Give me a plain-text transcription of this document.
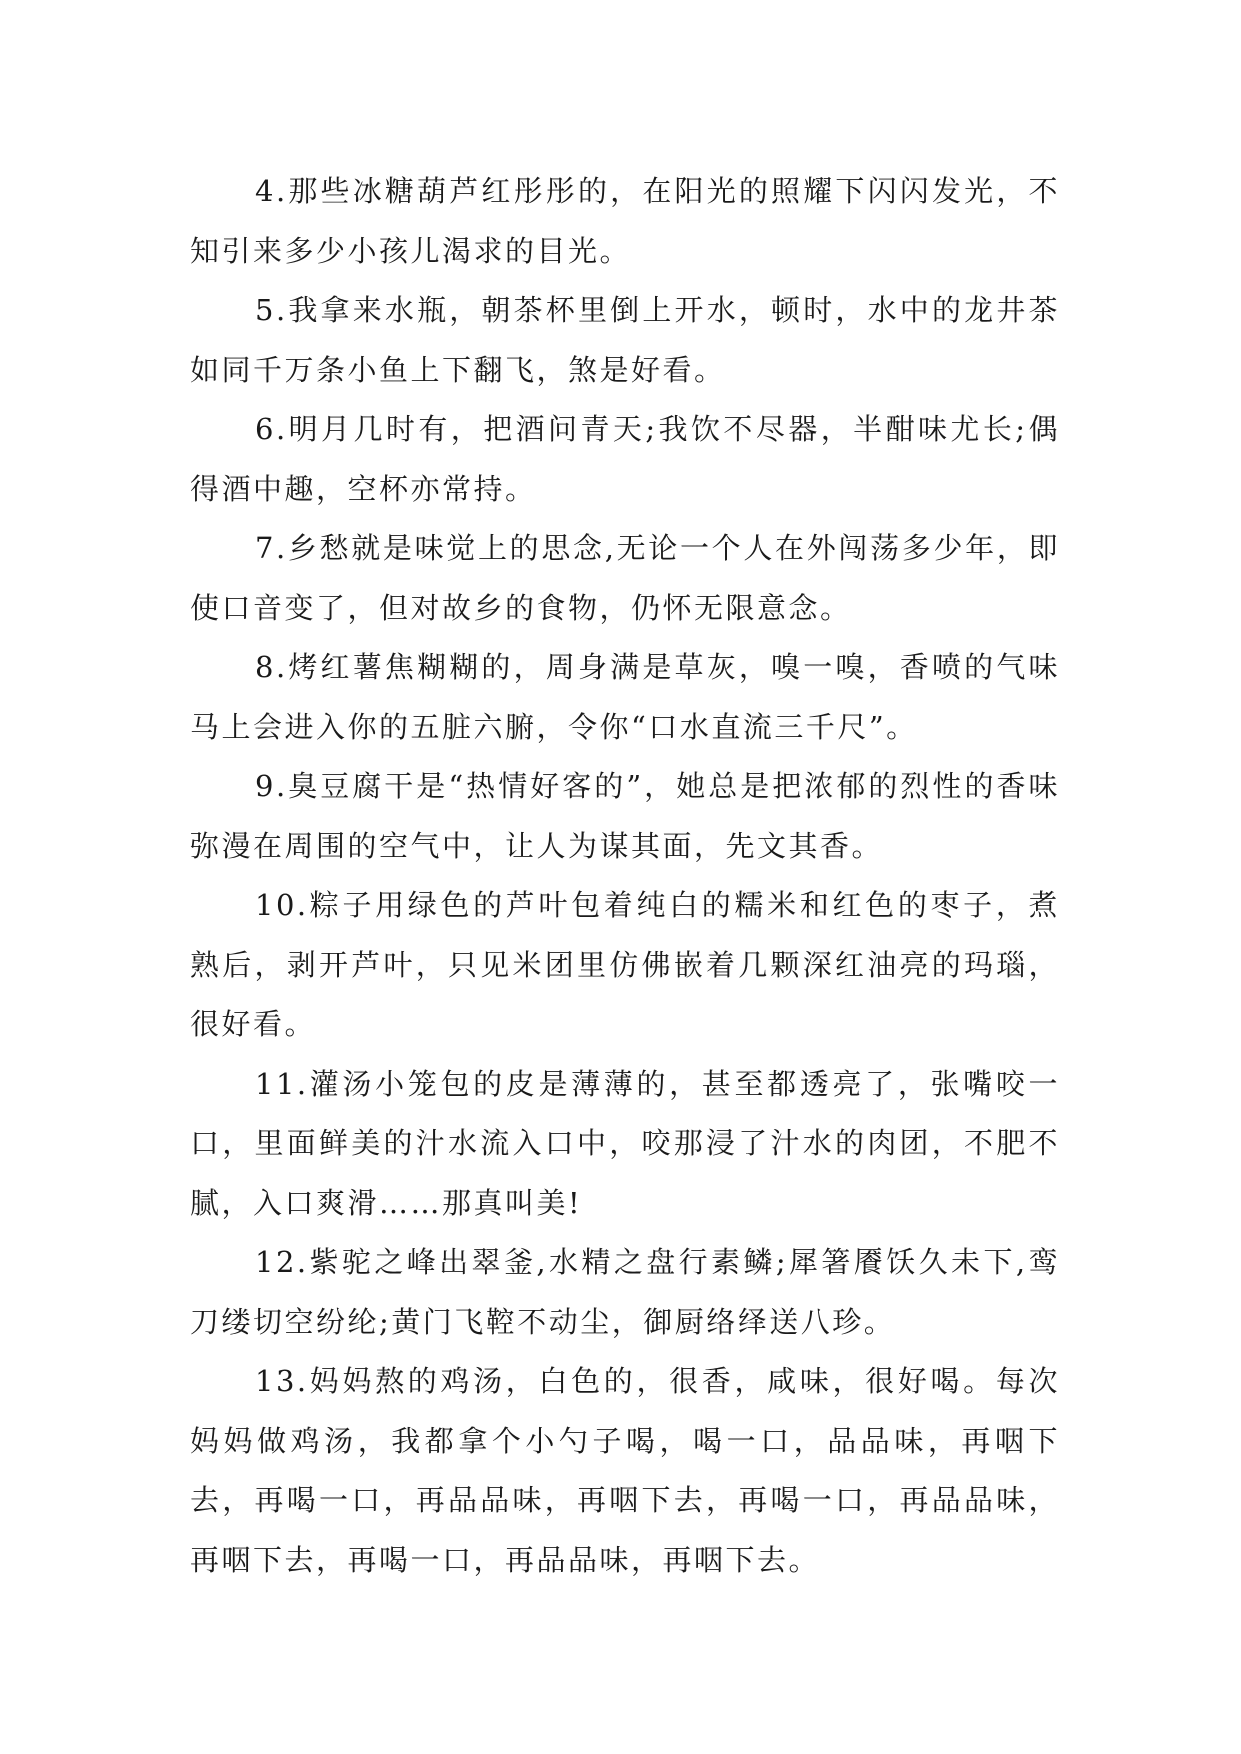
4.那些冰糖葫芦红彤彤的，在阳光的照耀下闪闪发光，不知引来多少小孩儿渴求的目光。

5.我拿来水瓶，朝茶杯里倒上开水，顿时，水中的龙井茶如同千万条小鱼上下翻飞，煞是好看。

6.明月几时有，把酒问青天;我饮不尽器，半酣味尤长;偶得酒中趣，空杯亦常持。

7.乡愁就是味觉上的思念,无论一个人在外闯荡多少年，即使口音变了，但对故乡的食物，仍怀无限意念。

8.烤红薯焦糊糊的，周身满是草灰，嗅一嗅，香喷的气味马上会进入你的五脏六腑，令你“口水直流三千尺”。

9.臭豆腐干是“热情好客的”，她总是把浓郁的烈性的香味弥漫在周围的空气中，让人为谋其面，先文其香。

10.粽子用绿色的芦叶包着纯白的糯米和红色的枣子，煮熟后，剥开芦叶，只见米团里仿佛嵌着几颗深红油亮的玛瑙，很好看。

11.灌汤小笼包的皮是薄薄的，甚至都透亮了，张嘴咬一口，里面鲜美的汁水流入口中，咬那浸了汁水的肉团，不肥不腻，入口爽滑……那真叫美!

12.紫驼之峰出翠釜,水精之盘行素鳞;犀箸餍饫久未下,鸾刀缕切空纷纶;黄门飞鞚不动尘，御厨络绎送八珍。

13.妈妈熬的鸡汤，白色的，很香，咸味，很好喝。每次妈妈做鸡汤，我都拿个小勺子喝，喝一口，品品味，再咽下去，再喝一口，再品品味，再咽下去，再喝一口，再品品味，再咽下去，再喝一口，再品品味，再咽下去。
